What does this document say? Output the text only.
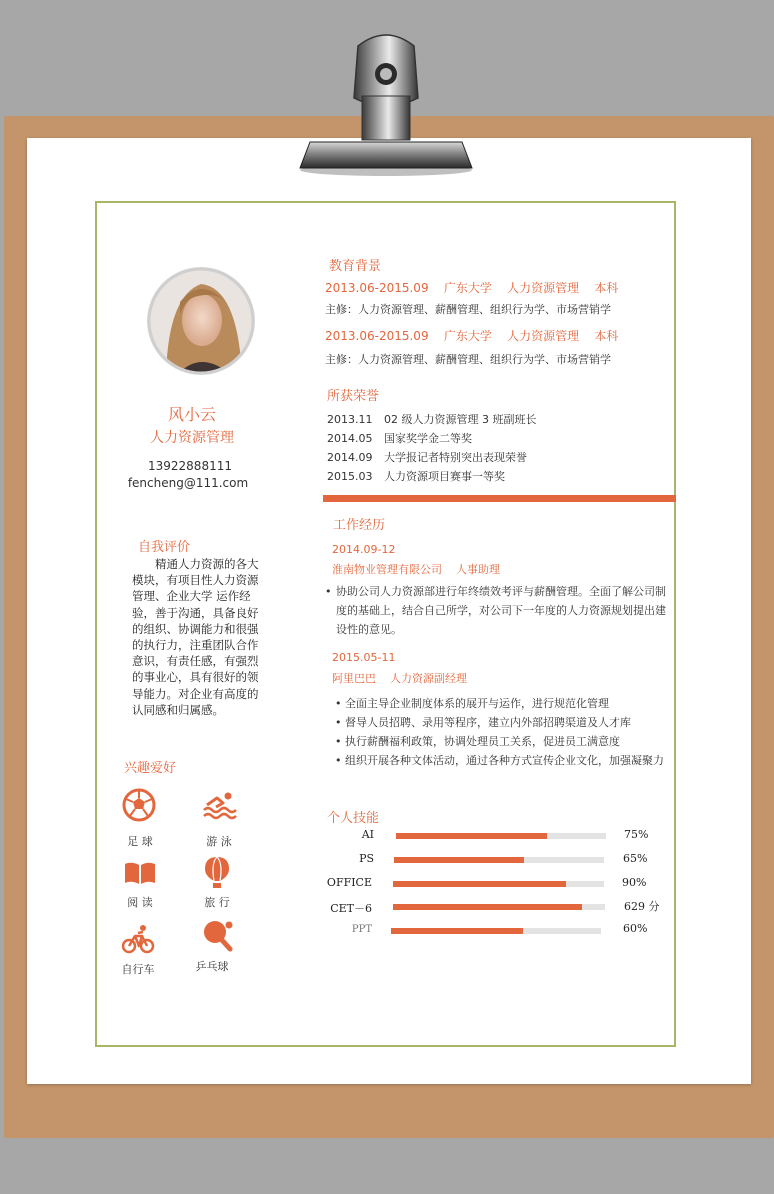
风小云
人力资源管理
13922888111
fencheng@111.com
自我评价
精通人力资源的各大
模块，有项目性人力资源
管理、企业大学 运作经
验，善于沟通，具备良好
的组织、协调能力和很强
的执行力，注重团队合作
意识，有责任感，有强烈
的事业心，具有很好的领
导能力。对企业有高度的
认同感和归属感。
兴趣爱好
足 球	游 泳
阅 读	旅 行
自行车	乒乓球
教育背景
2013.06-2015.09 广东大学 人力资源管理 本科
主修：人力资源管理、薪酬管理、组织行为学、市场营销学
2013.06-2015.09 广东大学 人力资源管理 本科
主修：人力资源管理、薪酬管理、组织行为学、市场营销学
所获荣誉
2013.11 02 级人力资源管理 3 班副班长
2014.05 国家奖学金二等奖
2014.09 大学报记者特别突出表现荣誉
2015.03 人力资源项目赛事一等奖
工作经历
2014.09-12
淮南物业管理有限公司 人事助理
• 协助公司人力资源部进行年终绩效考评与薪酬管理。全面了解公司制度的基础上，结合自己所学，对公司下一年度的人力资源规划提出建设性的意见。
2015.05-11
阿里巴巴 人力资源副经理
• 全面主导企业制度体系的展开与运作，进行规范化管理
• 督导人员招聘、录用等程序，建立内外部招聘渠道及人才库
• 执行薪酬福利政策，协调处理员工关系，促进员工满意度
• 组织开展各种文体活动，通过各种方式宣传企业文化，加强凝聚力
个人技能
AI	75%
PS	65%
OFFICE	90%
CET－6	629 分
PPT	60%
